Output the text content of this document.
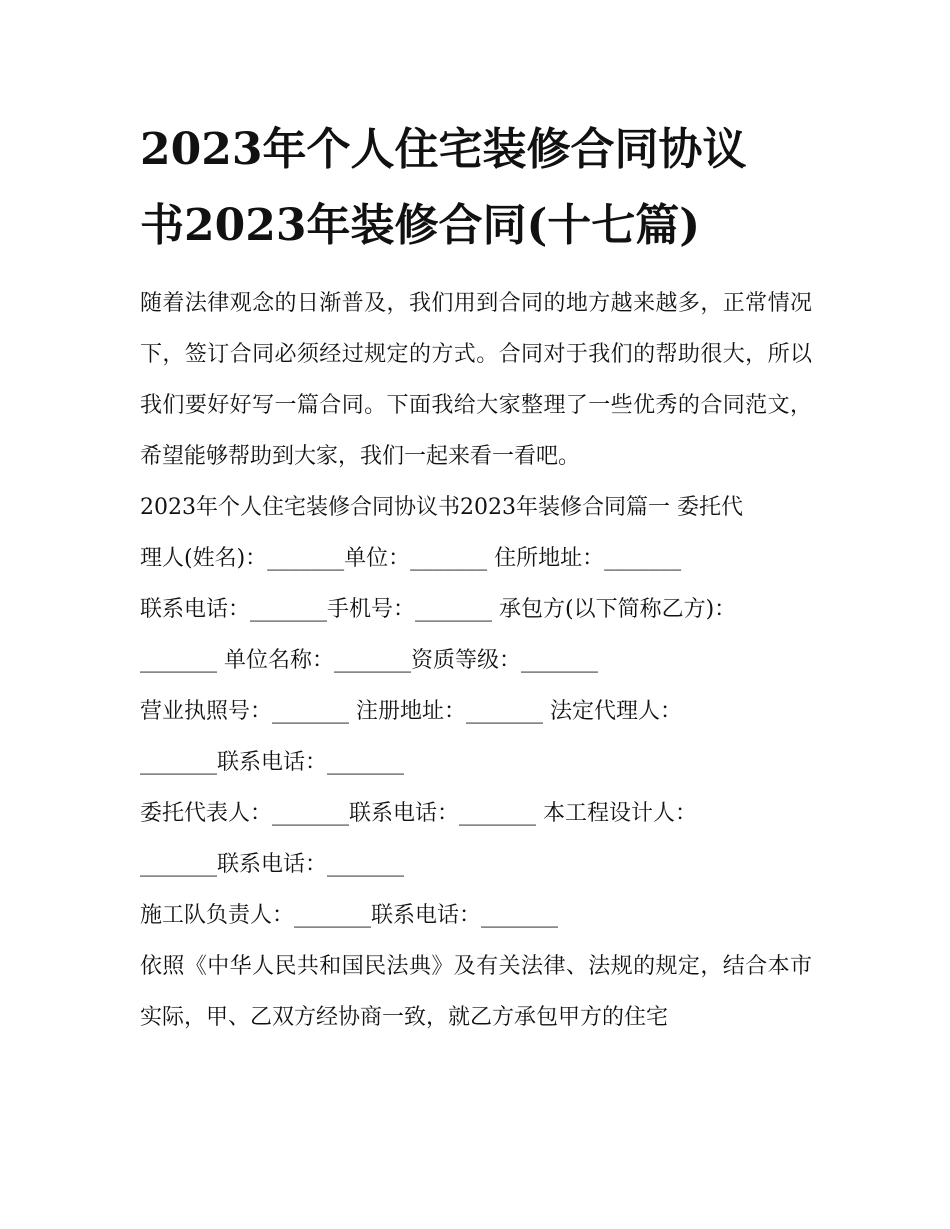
2023年个人住宅装修合同协议
书2023年装修合同(十七篇)

随着法律观念的日渐普及，我们用到合同的地方越来越多，正常情况下，签订合同必须经过规定的方式。合同对于我们的帮助很大，所以我们要好好写一篇合同。下面我给大家整理了一些优秀的合同范文，希望能够帮助到大家，我们一起来看一看吧。

2023年个人住宅装修合同协议书2023年装修合同篇一 委托代

理人(姓名)：_______单位：_______ 住所地址：_______

联系电话：_______手机号：_______ 承包方(以下简称乙方)：

_______ 单位名称：_______资质等级：_______

营业执照号：_______ 注册地址：_______ 法定代理人：

_______联系电话：_______

委托代表人：_______联系电话：_______ 本工程设计人：

_______联系电话：_______

施工队负责人：_______联系电话：_______

依照《中华人民共和国民法典》及有关法律、法规的规定，结合本市实际，甲、乙双方经协商一致，就乙方承包甲方的住宅
